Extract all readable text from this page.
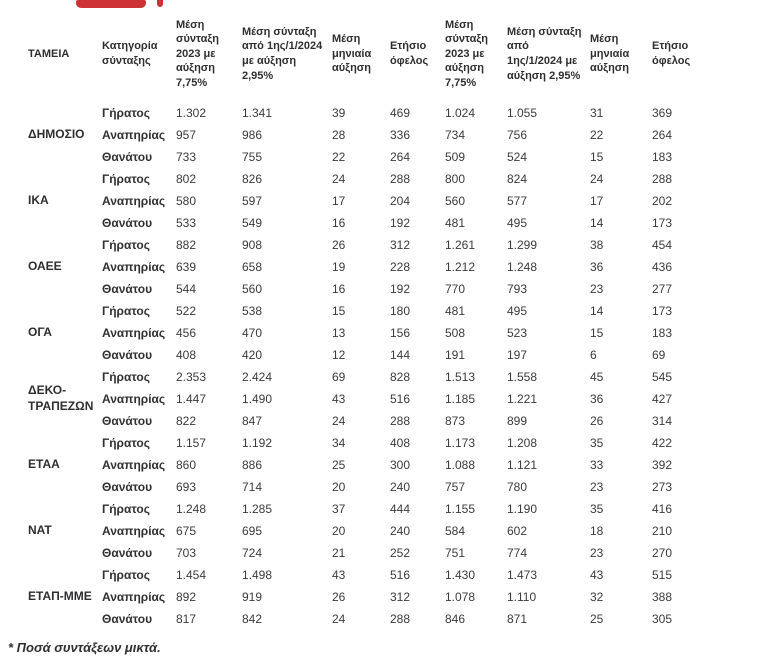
ΤΑΜΕΙΑ	Κατηγορία σύνταξης	Μέση σύνταξη 2023 με αύξηση 7,75%	Μέση σύνταξη από 1ης/1/2024 με αύξηση 2,95%	Μέση μηνιαία αύξηση	Ετήσιο όφελος	Μέση σύνταξη 2023 με αύξηση 7,75%	Μέση σύνταξη από 1ης/1/2024 με αύξηση 2,95%	Μέση μηνιαία αύξηση	Ετήσιο όφελος
ΔΗΜΟΣΙΟ	Γήρατος	1.302	1.341	39	469	1.024	1.055	31	369
	Αναπηρίας	957	986	28	336	734	756	22	264
	Θανάτου	733	755	22	264	509	524	15	183
ΙΚΑ	Γήρατος	802	826	24	288	800	824	24	288
	Αναπηρίας	580	597	17	204	560	577	17	202
	Θανάτου	533	549	16	192	481	495	14	173
ΟΑΕΕ	Γήρατος	882	908	26	312	1.261	1.299	38	454
	Αναπηρίας	639	658	19	228	1.212	1.248	36	436
	Θανάτου	544	560	16	192	770	793	23	277
ΟΓΑ	Γήρατος	522	538	15	180	481	495	14	173
	Αναπηρίας	456	470	13	156	508	523	15	183
	Θανάτου	408	420	12	144	191	197	6	69
ΔΕΚΟ-ΤΡΑΠΕΖΩΝ	Γήρατος	2.353	2.424	69	828	1.513	1.558	45	545
	Αναπηρίας	1.447	1.490	43	516	1.185	1.221	36	427
	Θανάτου	822	847	24	288	873	899	26	314
ΕΤΑΑ	Γήρατος	1.157	1.192	34	408	1.173	1.208	35	422
	Αναπηρίας	860	886	25	300	1.088	1.121	33	392
	Θανάτου	693	714	20	240	757	780	23	273
ΝΑΤ	Γήρατος	1.248	1.285	37	444	1.155	1.190	35	416
	Αναπηρίας	675	695	20	240	584	602	18	210
	Θανάτου	703	724	21	252	751	774	23	270
ΕΤΑΠ-ΜΜΕ	Γήρατος	1.454	1.498	43	516	1.430	1.473	43	515
	Αναπηρίας	892	919	26	312	1.078	1.110	32	388
	Θανάτου	817	842	24	288	846	871	25	305
* Ποσά συντάξεων μικτά.
